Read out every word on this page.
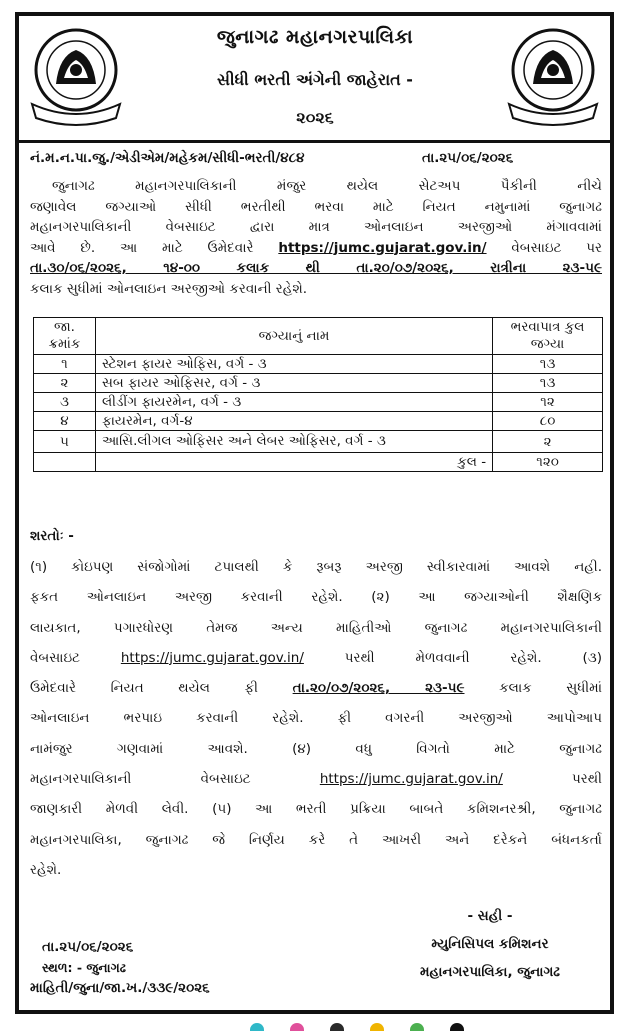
જુનાગઢ મહાનગરપાલિકા
સીધી ભરતી અંગેની જાહેરાત -
૨૦૨૬
નં.મ.ન.પા.જુ./એડીએમ/મહેકમ/સીધી-ભરતી/૪૮૪	તા.૨૫/૦૬/૨૦૨૬
જુનાગઢ મહાનગરપાલિકાની મંજુર થયેલ સેટઅપ પૈકીની નીચે
જણાવેલ જગ્યાઓ સીધી ભરતીથી ભરવા માટે નિયત નમુનામાં જુનાગઢ
મહાનગરપાલિકાની વેબસાઇટ દ્વારા માત્ર ઓનલાઇન અરજીઓ મંગાવવામાં
આવે છે. આ માટે ઉમેદવારે https://jumc.gujarat.gov.in/ વેબસાઇટ પર
તા.૩૦/૦૬/૨૦૨૬, ૧૪-૦૦ કલાક થી તા.૨૦/૦૭/૨૦૨૬, રાત્રીના ૨૩-૫૯
કલાક સુધીમાં ઓનલાઇન અરજીઓ કરવાની રહેશે.
જા. ક્રમાંક	જગ્યાનું નામ	ભરવાપાત્ર કુલ જગ્યા
૧	સ્ટેશન ફાયર ઓફિસ, વર્ગ - ૩	૧૩
૨	સબ ફાયર ઓફિસર, વર્ગ - ૩	૧૩
૩	લીડીંગ ફાયરમેન, વર્ગ - ૩	૧૨
૪	ફાયરમેન, વર્ગ-૪	૮૦
૫	આસિ.લીગલ ઓફિસર અને લેબર ઓફિસર, વર્ગ - ૩	૨
	કુલ -	૧૨૦
શરતોઃ -
(૧) કોઇપણ સંજોગોમાં ટપાલથી કે રૂબરૂ અરજી સ્વીકારવામાં આવશે નહી.
ફકત ઓનલાઇન અરજી કરવાની રહેશે. (૨) આ જગ્યાઓની શૈક્ષણિક
લાયકાત, પગારધોરણ તેમજ અન્ય માહિતીઓ જુનાગઢ મહાનગરપાલિકાની
વેબસાઇટ	https://jumc.gujarat.gov.in/	પરથી મેળવવાની રહેશે. (૩)
ઉમેદવારે નિયત થયેલ ફી	તા.૨૦/૦૭/૨૦૨૬, ૨૩-૫૯	કલાક સુધીમાં
ઓનલાઇન ભરપાઇ કરવાની રહેશે. ફી વગરની અરજીઓ આપોઆપ
નામંજુર ગણવામાં આવશે. (૪) વધુ વિગતો માટે જુનાગઢ
મહાનગરપાલિકાની વેબસાઇટ	https://jumc.gujarat.gov.in/	પરથી
જાણકારી મેળવી લેવી. (૫) આ ભરતી પ્રક્રિયા બાબતે કમિશનરશ્રી, જુનાગઢ
મહાનગરપાલિકા, જુનાગઢ જે નિર્ણય કરે તે આખરી અને દરેકને બંધનકર્તા
રહેશે.
- સહી -
મ્યુનિસિપલ કમિશનર
મહાનગરપાલિકા, જુનાગઢ
તા.૨૫/૦૬/૨૦૨૬
સ્થળ: - જુનાગઢ
માહિતી/જુના/જા.ખ./૩૩૯/૨૦૨૬
